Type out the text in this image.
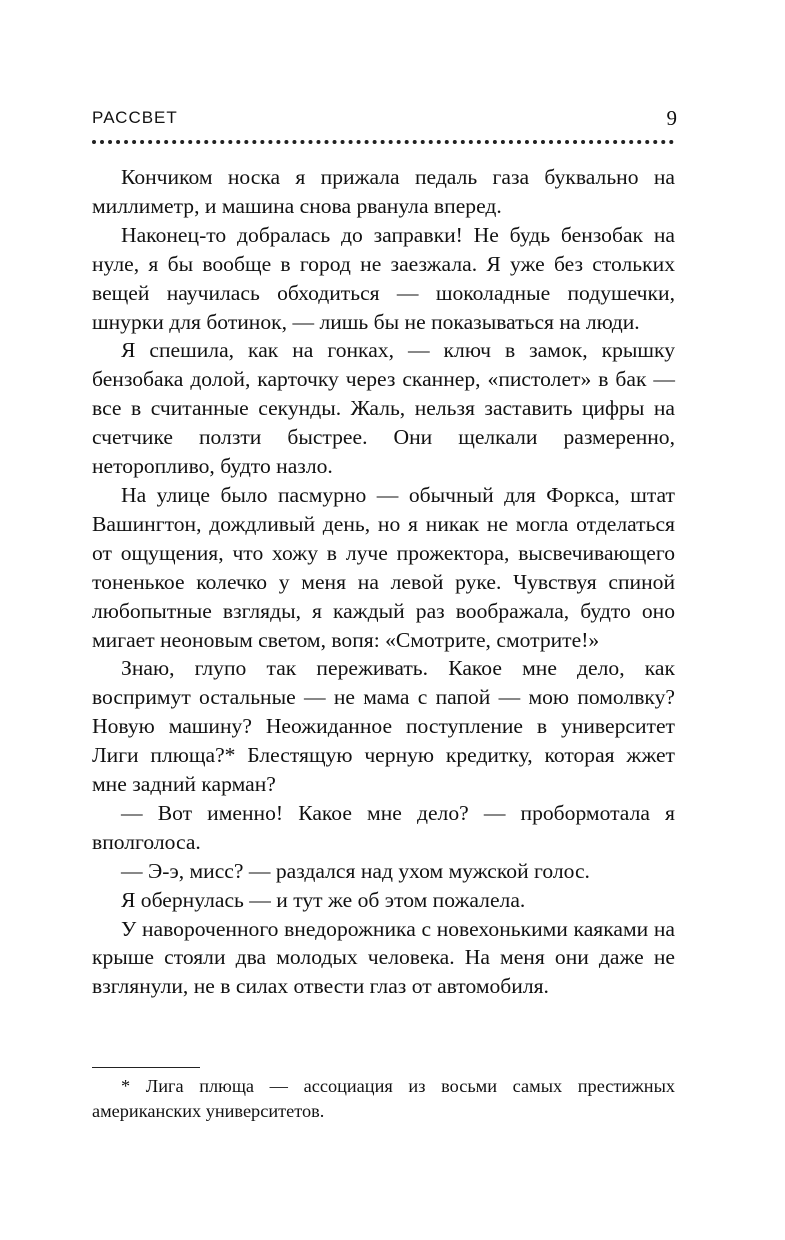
РАССВЕТ	9

Кончиком носка я прижала педаль газа буквально на миллиметр, и машина снова рванула вперед.

Наконец-то добралась до заправки! Не будь бензобак на нуле, я бы вообще в город не заезжала. Я уже без стольких вещей научилась обходиться — шоколадные подушечки, шнурки для ботинок, — лишь бы не показываться на люди.

Я спешила, как на гонках, — ключ в замок, крышку бензобака долой, карточку через сканнер, «пистолет» в бак — все в считанные секунды. Жаль, нельзя заставить цифры на счетчике ползти быстрее. Они щелкали размеренно, неторопливо, будто назло.

На улице было пасмурно — обычный для Форкса, штат Вашингтон, дождливый день, но я никак не могла отделаться от ощущения, что хожу в луче прожектора, высвечивающего тоненькое колечко у меня на левой руке. Чувствуя спиной любопытные взгляды, я каждый раз воображала, будто оно мигает неоновым светом, вопя: «Смотрите, смотрите!»

Знаю, глупо так переживать. Какое мне дело, как воспримут остальные — не мама с папой — мою помолвку? Новую машину? Неожиданное поступление в университет Лиги плюща?* Блестящую черную кредитку, которая жжет мне задний карман?

— Вот именно! Какое мне дело? — пробормотала я вполголоса.

— Э-э, мисс? — раздался над ухом мужской голос.

Я обернулась — и тут же об этом пожалела.

У навороченного внедорожника с новехонькими каяками на крыше стояли два молодых человека. На меня они даже не взглянули, не в силах отвести глаз от автомобиля.

* Лига плюща — ассоциация из восьми самых престижных американских университетов.
